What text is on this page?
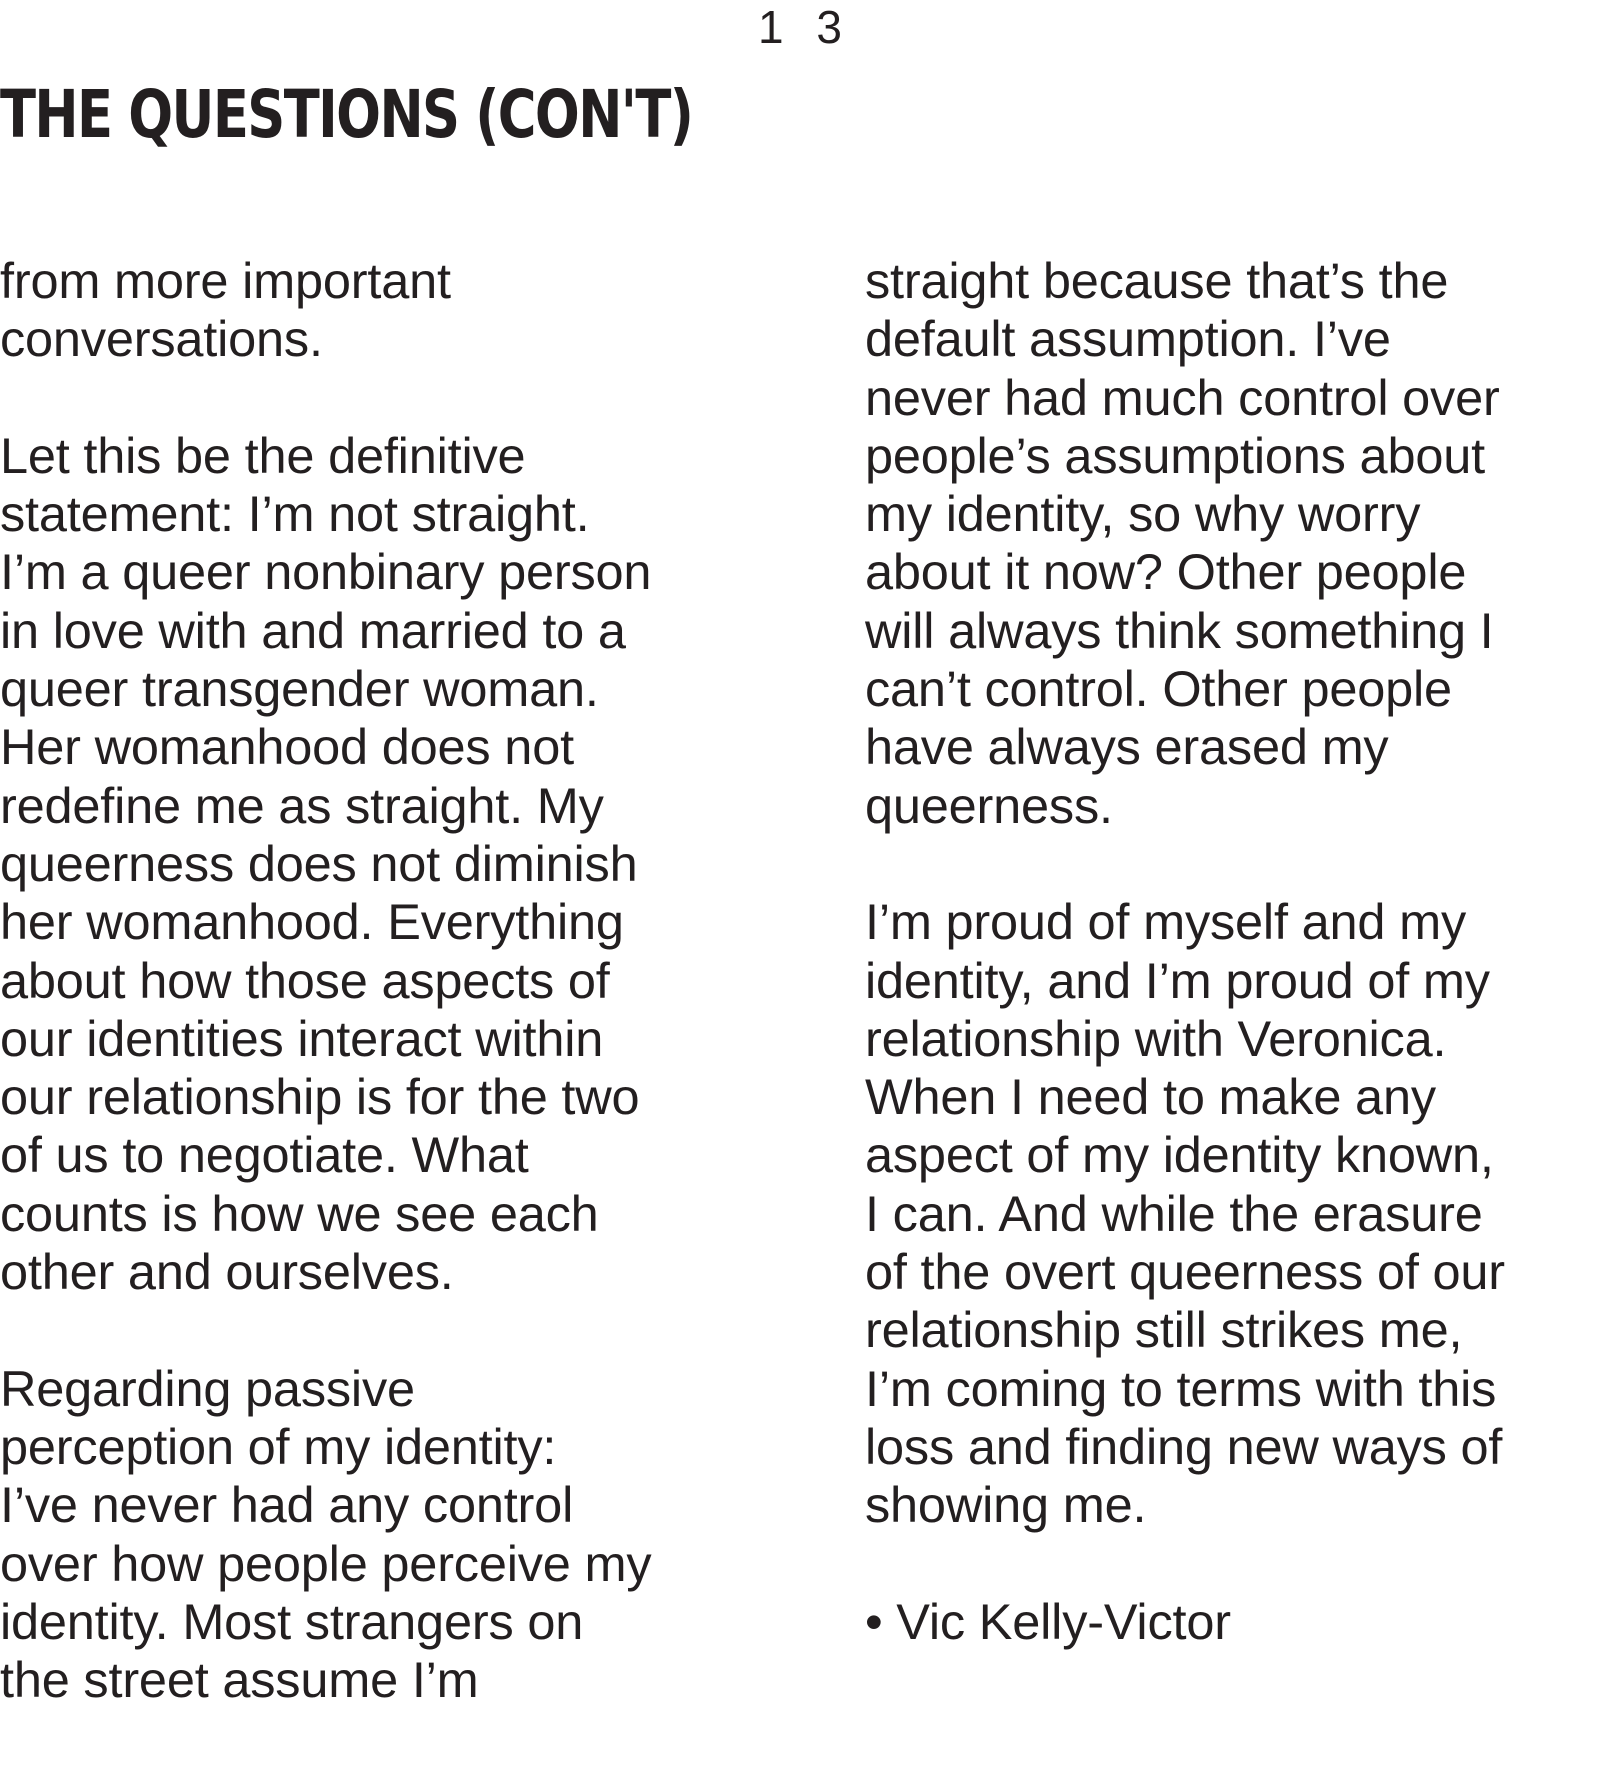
1 3
THE QUESTIONS (CON'T)

from more important
conversations.

Let this be the definitive
statement: I’m not straight.
I’m a queer nonbinary person
in love with and married to a
queer transgender woman.
Her womanhood does not
redefine me as straight. My
queerness does not diminish
her womanhood. Everything
about how those aspects of
our identities interact within
our relationship is for the two
of us to negotiate. What
counts is how we see each
other and ourselves.

Regarding passive
perception of my identity:
I’ve never had any control
over how people perceive my
identity. Most strangers on
the street assume I’m

straight because that’s the
default assumption. I’ve
never had much control over
people’s assumptions about
my identity, so why worry
about it now? Other people
will always think something I
can’t control. Other people
have always erased my
queerness.

I’m proud of myself and my
identity, and I’m proud of my
relationship with Veronica.
When I need to make any
aspect of my identity known,
I can. And while the erasure
of the overt queerness of our
relationship still strikes me,
I’m coming to terms with this
loss and finding new ways of
showing me.

• Vic Kelly-Victor
